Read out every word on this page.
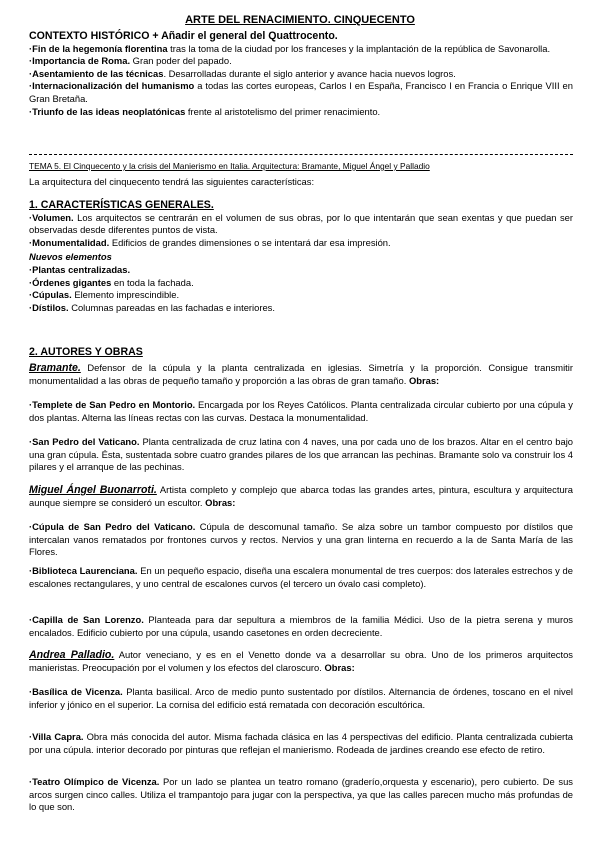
ARTE DEL RENACIMIENTO. CINQUECENTO
CONTEXTO HISTÓRICO + Añadir el general del Quattrocento.
·Fin de la hegemonía florentina tras la toma de la ciudad por los franceses y la implantación de la república de Savonarolla.
·Importancia de Roma. Gran poder del papado.
·Asentamiento de las técnicas. Desarrolladas durante el siglo anterior y avance hacia nuevos logros.
·Internacionalización del humanismo a todas las cortes europeas, Carlos I en España, Francisco I en Francia o Enrique VIII en Gran Bretaña.
·Triunfo de las ideas neoplatónicas frente al aristotelismo del primer renacimiento.
TEMA 5. El Cinquecento y la crisis del Manierismo en Italia. Arquitectura: Bramante, Miguel Ángel y Palladio
La arquitectura del cinquecento tendrá las siguientes características:
1. CARACTERÍSTICAS GENERALES.
·Volumen. Los arquitectos se centrarán en el volumen de sus obras, por lo que intentarán que sean exentas y que puedan ser observadas desde diferentes puntos de vista.
·Monumentalidad. Edificios de grandes dimensiones o se intentará dar esa impresión.
Nuevos elementos
·Plantas centralizadas.
·Órdenes gigantes en toda la fachada.
·Cúpulas. Elemento imprescindible.
·Dístilos. Columnas pareadas en las fachadas e interiores.
2. AUTORES Y OBRAS
Bramante. Defensor de la cúpula y la planta centralizada en iglesias. Simetría y la proporción. Consigue transmitir monumentalidad a las obras de pequeño tamaño y proporción a las obras de gran tamaño. Obras:
·Templete de San Pedro en Montorio. Encargada por los Reyes Católicos. Planta centralizada circular cubierto por una cúpula y dos plantas. Alterna las líneas rectas con las curvas. Destaca la monumentalidad.
·San Pedro del Vaticano. Planta centralizada de cruz latina con 4 naves, una por cada uno de los brazos. Altar en el centro bajo una gran cúpula. Ésta, sustentada sobre cuatro grandes pilares de los que arrancan las pechinas. Bramante solo va construir los 4 pilares y el arranque de las pechinas.
Miguel Ángel Buonarroti. Artista completo y complejo que abarca todas las grandes artes, pintura, escultura y arquitectura aunque siempre se consideró un escultor. Obras:
·Cúpula de San Pedro del Vaticano. Cúpula de descomunal tamaño. Se alza sobre un tambor compuesto por dístilos que intercalan vanos rematados por frontones curvos y rectos. Nervios y una gran linterna en recuerdo a la de Santa María de las Flores.
·Biblioteca Laurenciana. En un pequeño espacio, diseña una escalera monumental de tres cuerpos: dos laterales estrechos y de escalones rectangulares, y uno central de escalones curvos (el tercero un óvalo casi completo).
·Capilla de San Lorenzo. Planteada para dar sepultura a miembros de la familia Médici. Uso de la pietra serena y muros encalados. Edificio cubierto por una cúpula, usando casetones en orden decreciente.
Andrea Palladio. Autor veneciano, y es en el Venetto donde va a desarrollar su obra. Uno de los primeros arquitectos manieristas. Preocupación por el volumen y los efectos del claroscuro. Obras:
·Basílica de Vicenza. Planta basilical. Arco de medio punto sustentado por dístilos. Alternancia de órdenes, toscano en el nivel inferior y jónico en el superior. La cornisa del edificio está rematada con decoración escultórica.
·Villa Capra. Obra más conocida del autor. Misma fachada clásica en las 4 perspectivas del edificio. Planta centralizada cubierta por una cúpula. interior decorado por pinturas que reflejan el manierismo. Rodeada de jardines creando ese efecto de retiro.
·Teatro Olímpico de Vicenza. Por un lado se plantea un teatro romano (graderío,orquesta y escenario), pero cubierto. De sus arcos surgen cinco calles. Utiliza el trampantojo para jugar con la perspectiva, ya que las calles parecen mucho más profundas de lo que son.
